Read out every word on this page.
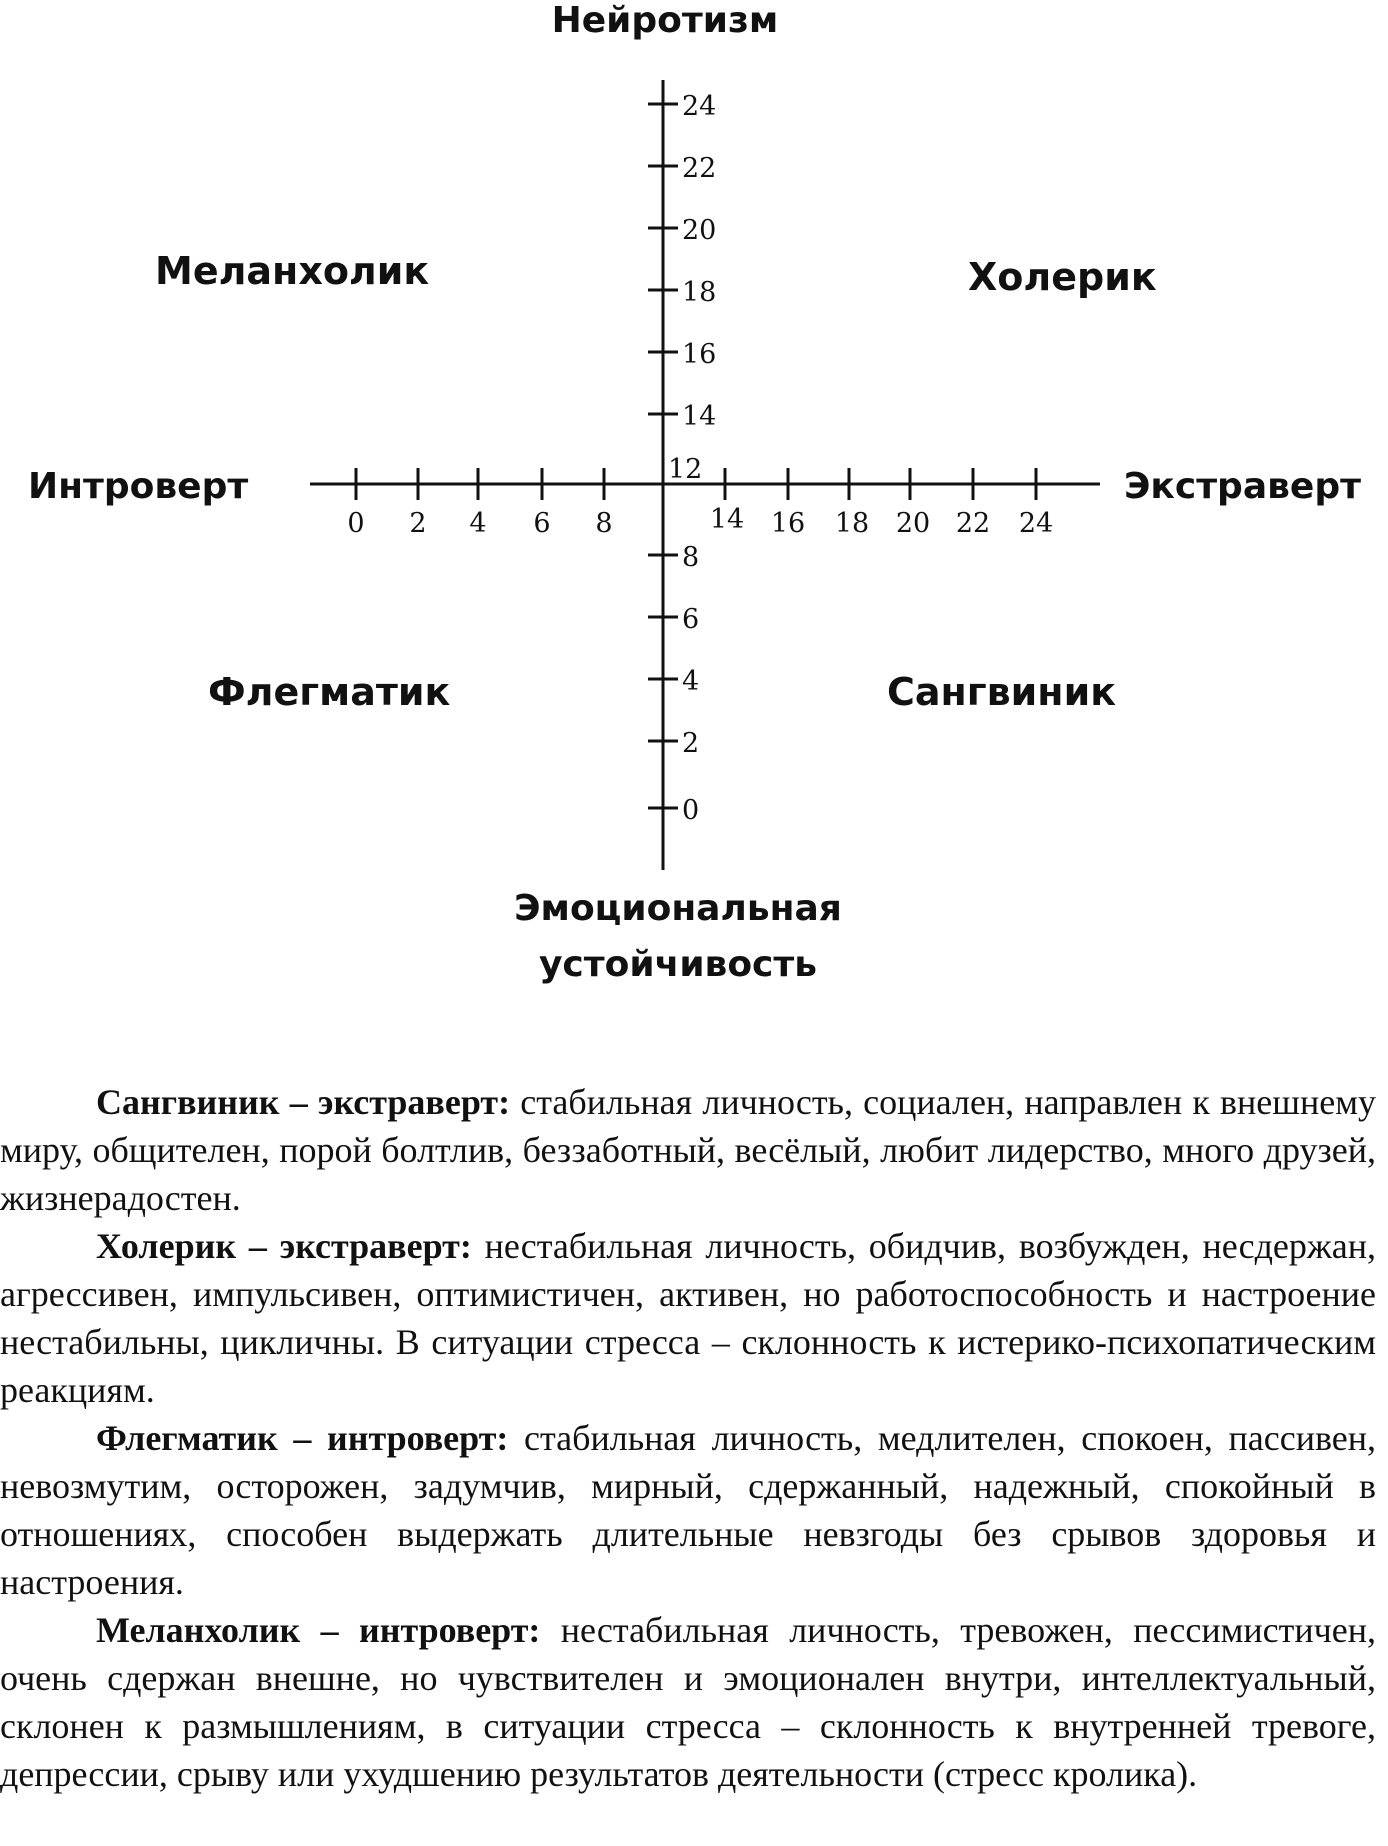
Нейротизм
Эмоциональная
устойчивость
Интроверт	Экстраверт
Меланхолик	Холерик
Флегматик	Сангвиник
12
24
22
20
18
16
14
8
6
4
2
0
0 2 4 6 8	14 16 18 20 22 24

Сангвиник – экстраверт: стабильная личность, социален, направлен к внешнему миру, общителен, порой болтлив, беззаботный, весёлый, любит лидерство, много друзей, жизнерадостен.

Холерик – экстраверт: нестабильная личность, обидчив, возбужден, несдержан, агрессивен, импульсивен, оптимистичен, активен, но работоспособность и настроение нестабильны, цикличны. В ситуации стресса – склонность к истерико-психопатическим реакциям.

Флегматик – интроверт: стабильная личность, медлителен, спокоен, пассивен, невозмутим, осторожен, задумчив, мирный, сдержанный, надежный, спокойный в отношениях, способен выдержать длительные невзгоды без срывов здоровья и настроения.

Меланхолик – интроверт: нестабильная личность, тревожен, пессимистичен, очень сдержан внешне, но чувствителен и эмоционален внутри, интеллектуальный, склонен к размышлениям, в ситуации стресса – склонность к внутренней тревоге, депрессии, срыву или ухудшению результатов деятельности (стресс кролика).
